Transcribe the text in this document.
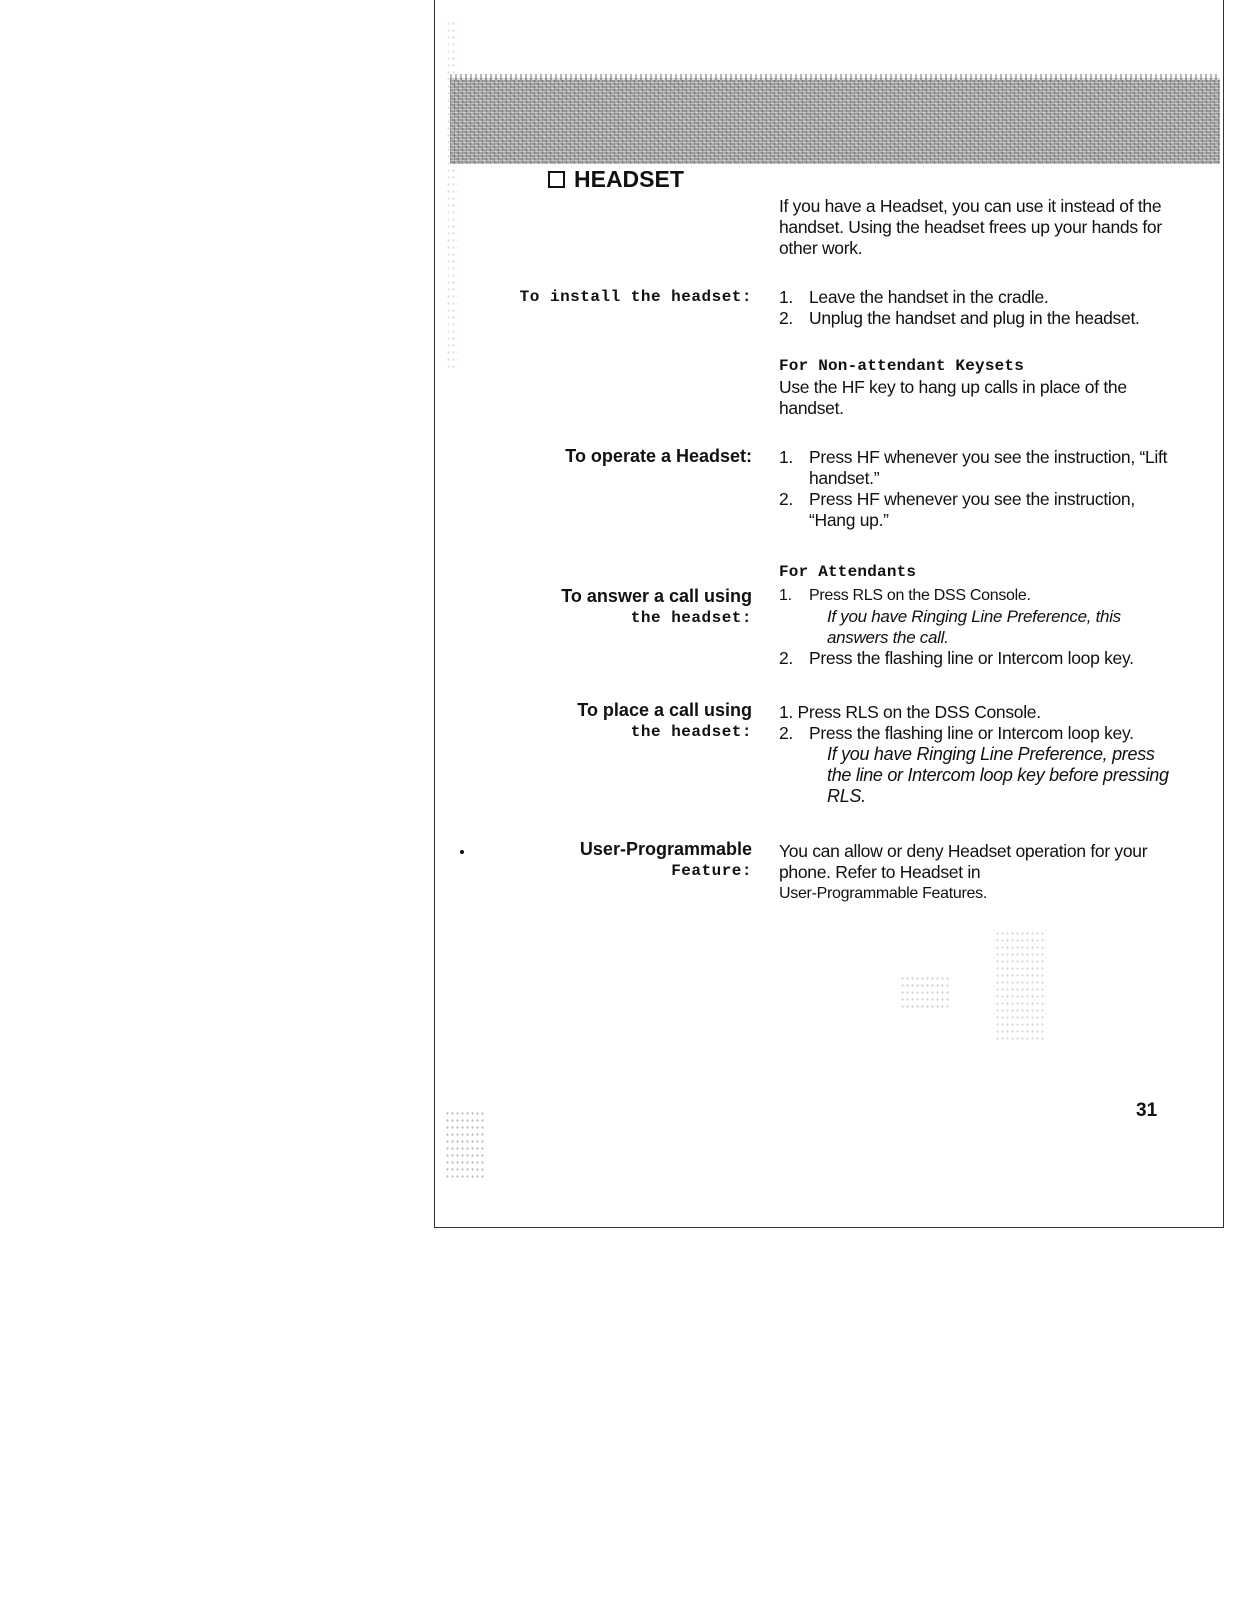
HEADSET
If you have a Headset, you can use it instead of the handset. Using the headset frees up your hands for other work.
To install the headset: 1. Leave the handset in the cradle.
2. Unplug the handset and plug in the headset.
For Non-attendant Keysets
Use the HF key to hang up calls in place of the handset.
To operate a Headset: 1. Press HF whenever you see the instruction, “Lift handset.”
2. Press HF whenever you see the instruction, “Hang up.”
For Attendants
To answer a call using
the headset:
1. Press RLS on the DSS Console.
If you have Ringing Line Preference, this answers the call.
2. Press the flashing line or Intercom loop key.
To place a call using
the headset:
1. Press RLS on the DSS Console.
2. Press the flashing line or Intercom loop key.
If you have Ringing Line Preference, press the line or Intercom loop key before pressing RLS.
User-Programmable
Feature:
You can allow or deny Headset operation for your phone. Refer to Headset in
User-Programmable Features.
31
